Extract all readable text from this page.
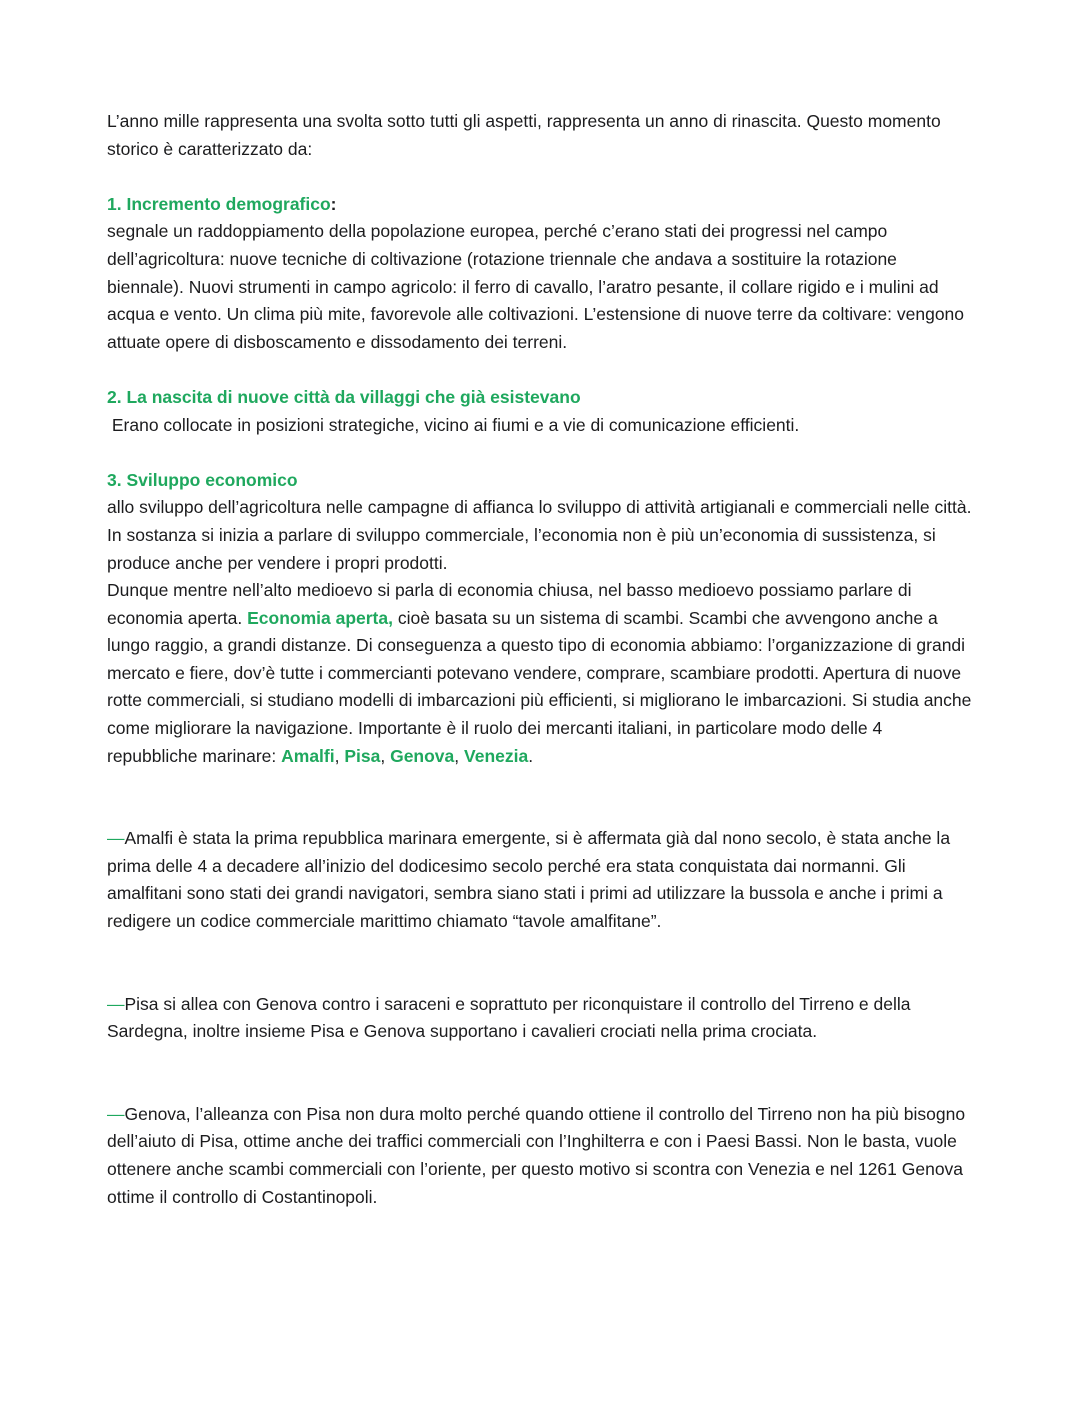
L’anno mille rappresenta una svolta sotto tutti gli aspetti, rappresenta un anno di rinascita. Questo momento storico è caratterizzato da:

1. Incremento demografico:

segnale un raddoppiamento della popolazione europea, perché c’erano stati dei progressi nel campo dell’agricoltura: nuove tecniche di coltivazione (rotazione triennale che andava a sostituire la rotazione biennale). Nuovi strumenti in campo agricolo: il ferro di cavallo, l’aratro pesante, il collare rigido e i mulini ad acqua e vento. Un clima più mite, favorevole alle coltivazioni. L’estensione di nuove terre da coltivare: vengono attuate opere di disboscamento e dissodamento dei terreni.

2. La nascita di nuove città da villaggi che già esistevano

Erano collocate in posizioni strategiche, vicino ai fiumi e a vie di comunicazione efficienti.

3. Sviluppo economico

allo sviluppo dell’agricoltura nelle campagne di affianca lo sviluppo di attività artigianali e commerciali nelle città. In sostanza si inizia a parlare di sviluppo commerciale, l’economia non è più un’economia di sussistenza, si produce anche per vendere i propri prodotti.

Dunque mentre nell’alto medioevo si parla di economia chiusa, nel basso medioevo possiamo parlare di economia aperta. Economia aperta, cioè basata su un sistema di scambi. Scambi che avvengono anche a lungo raggio, a grandi distanze. Di conseguenza a questo tipo di economia abbiamo: l’organizzazione di grandi mercato e fiere, dov’è tutte i commercianti potevano vendere, comprare, scambiare prodotti. Apertura di nuove rotte commerciali, si studiano modelli di imbarcazioni più efficienti, si migliorano le imbarcazioni. Si studia anche come migliorare la navigazione. Importante è il ruolo dei mercanti italiani, in particolare modo delle 4 repubbliche marinare: Amalfi, Pisa, Genova, Venezia.

—Amalfi è stata la prima repubblica marinara emergente, si è affermata già dal nono secolo, è stata anche la prima delle 4 a decadere all’inizio del dodicesimo secolo perché era stata conquistata dai normanni. Gli amalfitani sono stati dei grandi navigatori, sembra siano stati i primi ad utilizzare la bussola e anche i primi a redigere un codice commerciale marittimo chiamato “tavole amalfitane”.

—Pisa si allea con Genova contro i saraceni e soprattuto per riconquistare il controllo del Tirreno e della Sardegna, inoltre insieme Pisa e Genova supportano i cavalieri crociati nella prima crociata.

—Genova, l’alleanza con Pisa non dura molto perché quando ottiene il controllo del Tirreno non ha più bisogno dell’aiuto di Pisa, ottime anche dei traffici commerciali con l’Inghilterra e con i Paesi Bassi. Non le basta, vuole ottenere anche scambi commerciali con l’oriente, per questo motivo si scontra con Venezia e nel 1261 Genova ottime il controllo di Costantinopoli.
